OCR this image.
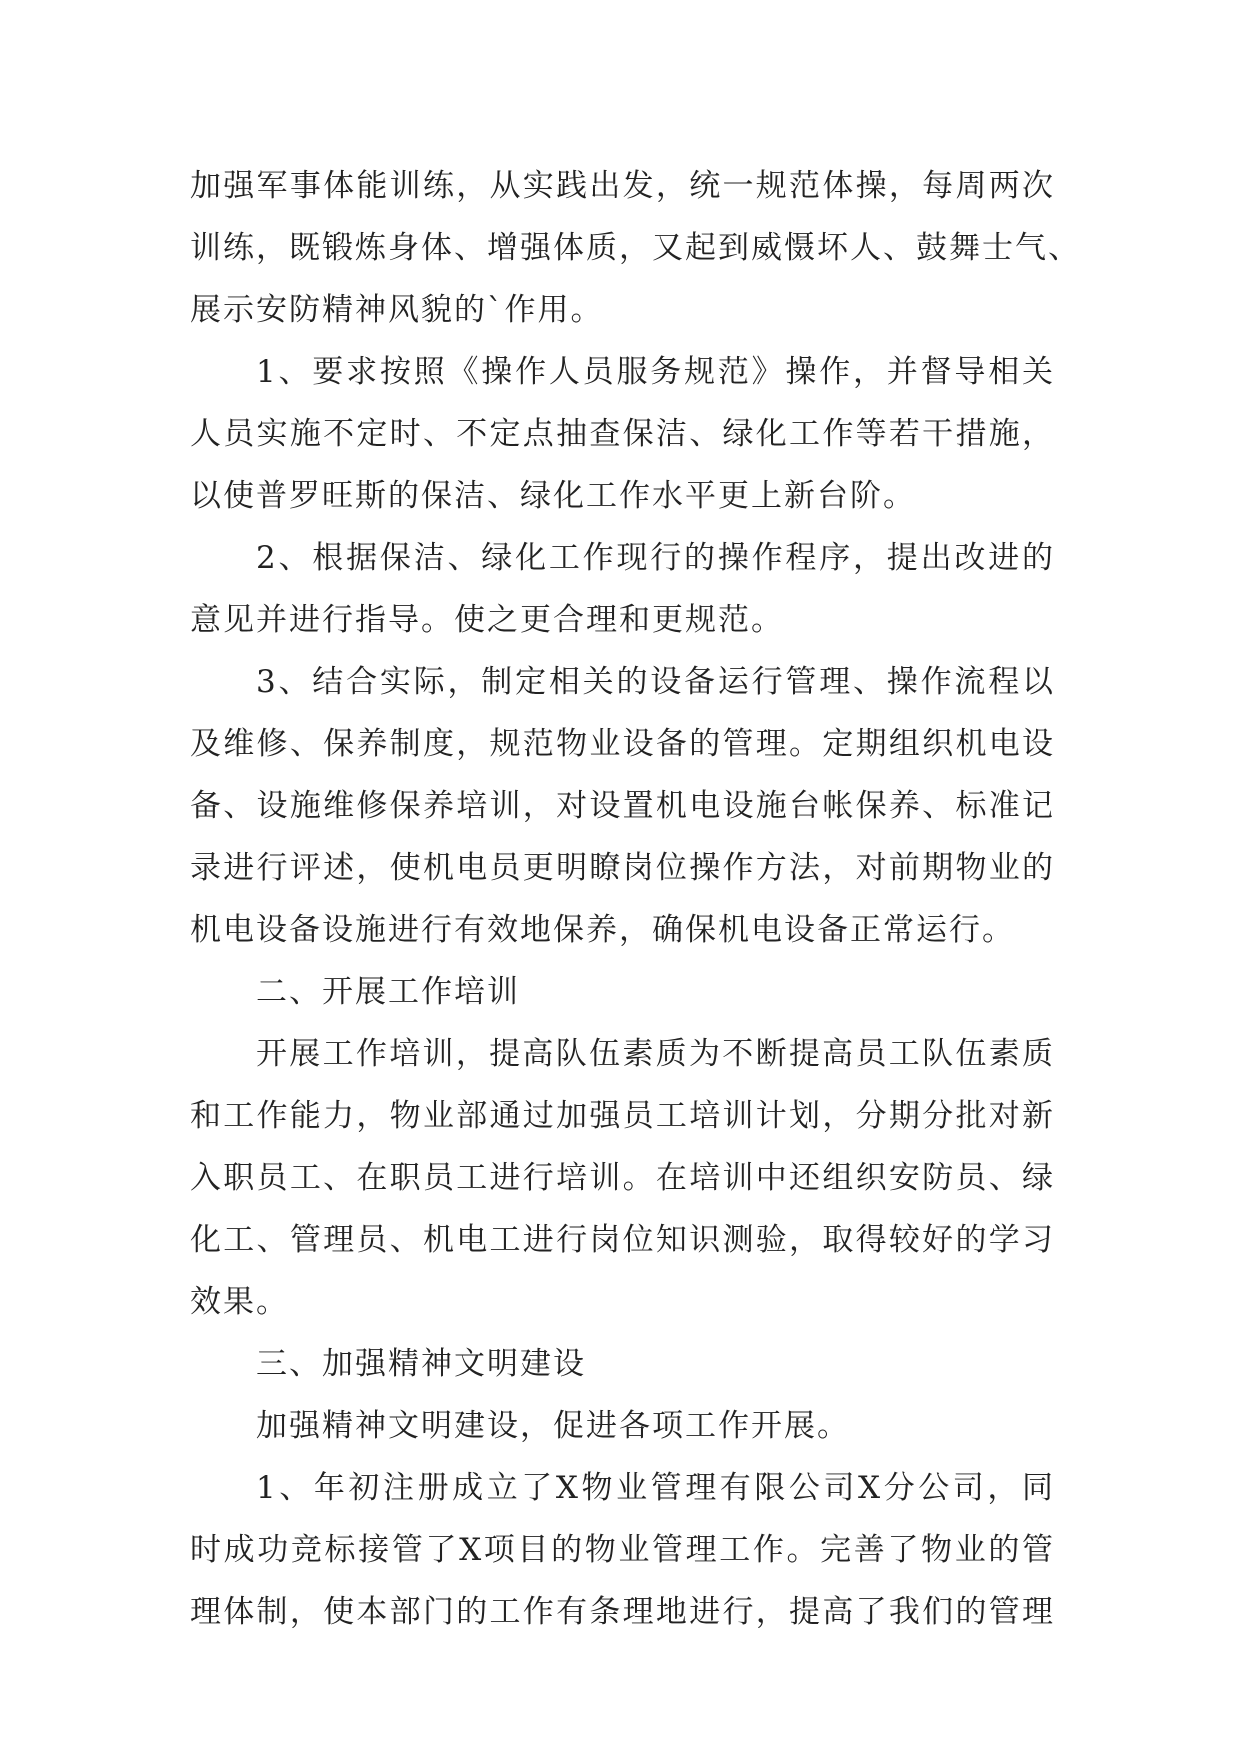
加强军事体能训练，从实践出发，统一规范体操，每周两次
训练，既锻炼身体、增强体质，又起到威慑坏人、鼓舞士气、
展示安防精神风貌的`作用。
1、要求按照《操作人员服务规范》操作，并督导相关
人员实施不定时、不定点抽查保洁、绿化工作等若干措施，
以使普罗旺斯的保洁、绿化工作水平更上新台阶。
2、根据保洁、绿化工作现行的操作程序，提出改进的
意见并进行指导。使之更合理和更规范。
3、结合实际，制定相关的设备运行管理、操作流程以
及维修、保养制度，规范物业设备的管理。定期组织机电设
备、设施维修保养培训，对设置机电设施台帐保养、标准记
录进行评述，使机电员更明瞭岗位操作方法，对前期物业的
机电设备设施进行有效地保养，确保机电设备正常运行。
二、开展工作培训
开展工作培训，提高队伍素质为不断提高员工队伍素质
和工作能力，物业部通过加强员工培训计划，分期分批对新
入职员工、在职员工进行培训。在培训中还组织安防员、绿
化工、管理员、机电工进行岗位知识测验，取得较好的学习
效果。
三、加强精神文明建设
加强精神文明建设，促进各项工作开展。
1、年初注册成立了X物业管理有限公司X分公司，同
时成功竞标接管了X项目的物业管理工作。完善了物业的管
理体制，使本部门的工作有条理地进行，提高了我们的管理
